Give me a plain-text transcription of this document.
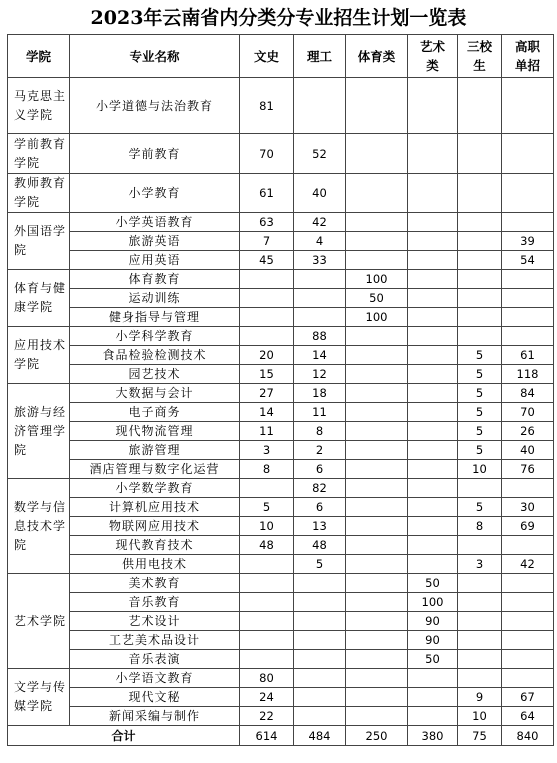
2023年云南省内分类分专业招生计划一览表
学院	专业名称	文史	理工	体育类	艺术类	三校生	高职单招
马克思主义学院	小学道德与法治教育	81					
学前教育学院	学前教育	70	52				
教师教育学院	小学教育	61	40				
外国语学院	小学英语教育	63	42				
	旅游英语	7	4				39
	应用英语	45	33				54
体育与健康学院	体育教育			100			
	运动训练			50			
	健身指导与管理			100			
应用技术学院	小学科学教育		88				
	食品检验检测技术	20	14			5	61
	园艺技术	15	12			5	118
旅游与经济管理学院	大数据与会计	27	18			5	84
	电子商务	14	11			5	70
	现代物流管理	11	8			5	26
	旅游管理	3	2			5	40
	酒店管理与数字化运营	8	6			10	76
数学与信息技术学院	小学数学教育		82				
	计算机应用技术	5	6			5	30
	物联网应用技术	10	13			8	69
	现代教育技术	48	48				
	供用电技术		5			3	42
艺术学院	美术教育				50		
	音乐教育				100		
	艺术设计				90		
	工艺美术品设计				90		
	音乐表演				50		
文学与传媒学院	小学语文教育	80					
	现代文秘	24				9	67
	新闻采编与制作	22				10	64
合计		614	484	250	380	75	840
